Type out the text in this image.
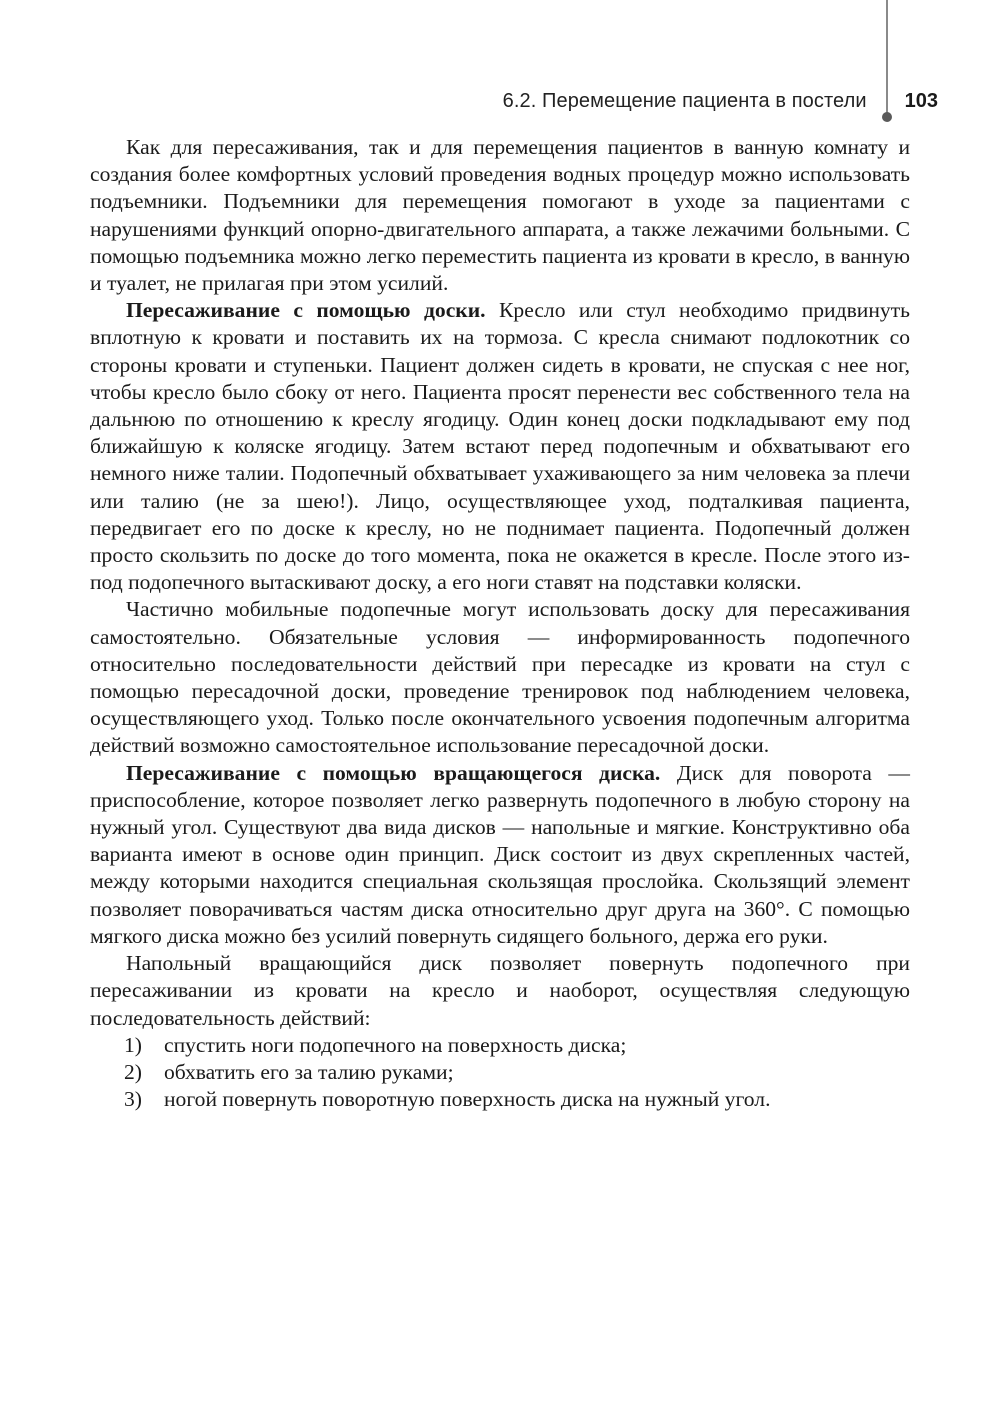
6.2. Перемещение пациента в постели 103

Как для пересаживания, так и для перемещения пациентов в ванную комнату и создания более комфортных условий проведения водных процедур можно использовать подъемники. Подъемники для перемещения помогают в уходе за пациентами с нарушениями функций опорно-двигательного аппарата, а также лежачими больными. С помощью подъемника можно легко переместить пациента из кровати в кресло, в ванную и туалет, не прилагая при этом усилий.

Пересаживание с помощью доски. Кресло или стул необходимо придвинуть вплотную к кровати и поставить их на тормоза. С кресла снимают подлокотник со стороны кровати и ступеньки. Пациент должен сидеть в кровати, не спуская с нее ног, чтобы кресло было сбоку от него. Пациента просят перенести вес собственного тела на дальнюю по отношению к креслу ягодицу. Один конец доски подкладывают ему под ближайшую к коляске ягодицу. Затем встают перед подопечным и обхватывают его немного ниже талии. Подопечный обхватывает ухаживающего за ним человека за плечи или талию (не за шею!). Лицо, осуществляющее уход, подталкивая пациента, передвигает его по доске к креслу, но не поднимает пациента. Подопечный должен просто скользить по доске до того момента, пока не окажется в кресле. После этого из-под подопечного вытаскивают доску, а его ноги ставят на подставки коляски.

Частично мобильные подопечные могут использовать доску для пересаживания самостоятельно. Обязательные условия — информированность подопечного относительно последовательности действий при пересадке из кровати на стул с помощью пересадочной доски, проведение тренировок под наблюдением человека, осуществляющего уход. Только после окончательного усвоения подопечным алгоритма действий возможно самостоятельное использование пересадочной доски.

Пересаживание с помощью вращающегося диска. Диск для поворота — приспособление, которое позволяет легко развернуть подопечного в любую сторону на нужный угол. Существуют два вида дисков — напольные и мягкие. Конструктивно оба варианта имеют в основе один принцип. Диск состоит из двух скрепленных частей, между которыми находится специальная скользящая прослойка. Скользящий элемент позволяет поворачиваться частям диска относительно друг друга на 360°. С помощью мягкого диска можно без усилий повернуть сидящего больного, держа его руки.

Напольный вращающийся диск позволяет повернуть подопечного при пересаживании из кровати на кресло и наоборот, осуществляя следующую последовательность действий:

1)	спустить ноги подопечного на поверхность диска;
2)	обхватить его за талию руками;
3)	ногой повернуть поворотную поверхность диска на нужный угол.
